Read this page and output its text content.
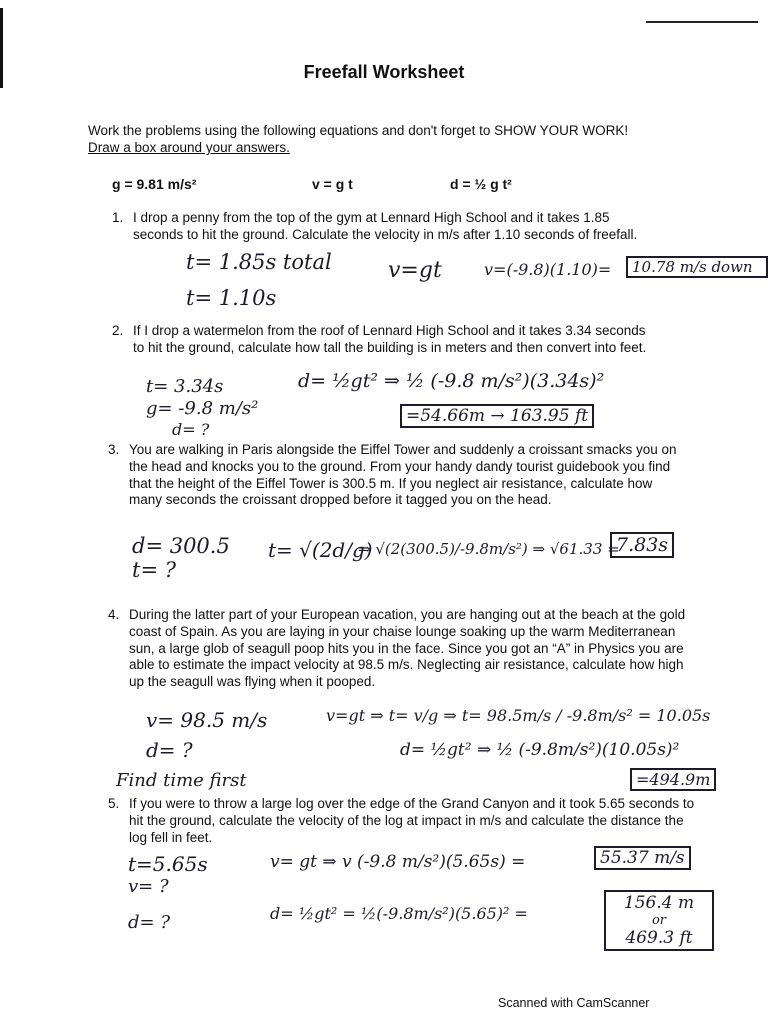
Freefall Worksheet
Work the problems using the following equations and don't forget to SHOW YOUR WORK!
Draw a box around your answers.
g = 9.81 m/s²	v = g t	d = ½ g t²
1. I drop a penny from the top of the gym at Lennard High School and it takes 1.85 seconds to hit the ground. Calculate the velocity in m/s after 1.10 seconds of freefall.
t= 1.85s total
t= 1.10s
v=gt	v=(-9.8)(1.10)=	10.78 m/s down
2. If I drop a watermelon from the roof of Lennard High School and it takes 3.34 seconds to hit the ground, calculate how tall the building is in meters and then convert into feet.
t= 3.34s
g= -9.8 m/s²
d= ?
d= ½gt² ⇒ ½ (-9.8 m/s²)(3.34s)²
=54.66m → 163.95 ft
3. You are walking in Paris alongside the Eiffel Tower and suddenly a croissant smacks you on the head and knocks you to the ground. From your handy dandy tourist guidebook you find that the height of the Eiffel Tower is 300.5 m. If you neglect air resistance, calculate how many seconds the croissant dropped before it tagged you on the head.
d= 300.5
t= ?
t= √(2d/g)
⇒ √(2(300.5)/-9.8m/s²) ⇒ √61.33 =
7.83s
4. During the latter part of your European vacation, you are hanging out at the beach at the gold coast of Spain. As you are laying in your chaise lounge soaking up the warm Mediterranean sun, a large glob of seagull poop hits you in the face. Since you got an “A” in Physics you are able to estimate the impact velocity at 98.5 m/s. Neglecting air resistance, calculate how high up the seagull was flying when it pooped.
v= 98.5 m/s
d= ?
Find time first
v=gt ⇒ t= v/g ⇒ t= 98.5m/s / -9.8m/s² = 10.05s
d= ½gt² ⇒ ½ (-9.8m/s²)(10.05s)²
=494.9m
5. If you were to throw a large log over the edge of the Grand Canyon and it took 5.65 seconds to hit the ground, calculate the velocity of the log at impact in m/s and calculate the distance the log fell in feet.
t=5.65s
v= ?
d= ?
v= gt ⇒ v (-9.8 m/s²)(5.65s) =	55.37 m/s
d= ½gt² = ½(-9.8m/s²)(5.65)² =
156.4 m
or
469.3 ft
Scanned with CamScanner
